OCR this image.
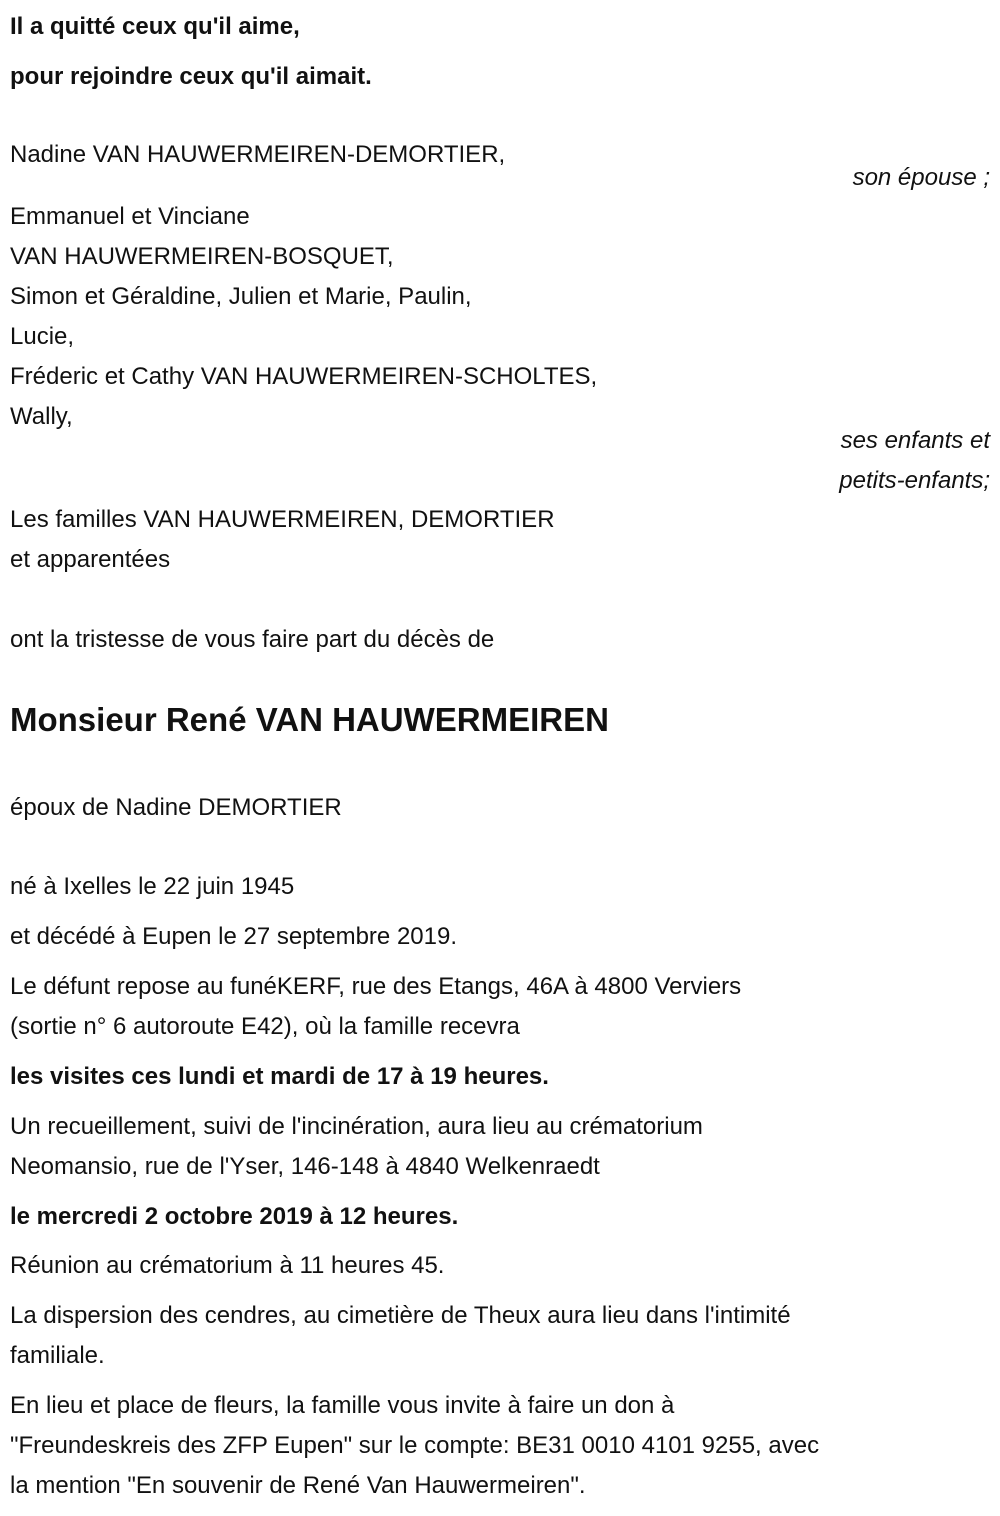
Il a quitté ceux qu'il aime,
pour rejoindre ceux qu'il aimait.
Nadine VAN HAUWERMEIREN-DEMORTIER,
son épouse ;
Emmanuel et Vinciane
VAN HAUWERMEIREN-BOSQUET,
Simon et Géraldine, Julien et Marie, Paulin,
Lucie,
Fréderic et Cathy VAN HAUWERMEIREN-SCHOLTES,
Wally,
ses enfants et
petits-enfants;
Les familles VAN HAUWERMEIREN, DEMORTIER
et apparentées
ont la tristesse de vous faire part du décès de
Monsieur René VAN HAUWERMEIREN
époux de Nadine DEMORTIER
né à Ixelles le 22 juin 1945
et décédé à Eupen le 27 septembre 2019.
Le défunt repose au funéKERF, rue des Etangs, 46A à 4800 Verviers
(sortie n° 6 autoroute E42), où la famille recevra
les visites ces lundi et mardi de 17 à 19 heures.
Un recueillement, suivi de l'incinération, aura lieu au crématorium
Neomansio, rue de l'Yser, 146-148 à 4840 Welkenraedt
le mercredi 2 octobre 2019 à 12 heures.
Réunion au crématorium à 11 heures 45.
La dispersion des cendres, au cimetière de Theux aura lieu dans l'intimité
familiale.
En lieu et place de fleurs, la famille vous invite à faire un don à
"Freundeskreis des ZFP Eupen" sur le compte: BE31 0010 4101 9255, avec
la mention "En souvenir de René Van Hauwermeiren".
